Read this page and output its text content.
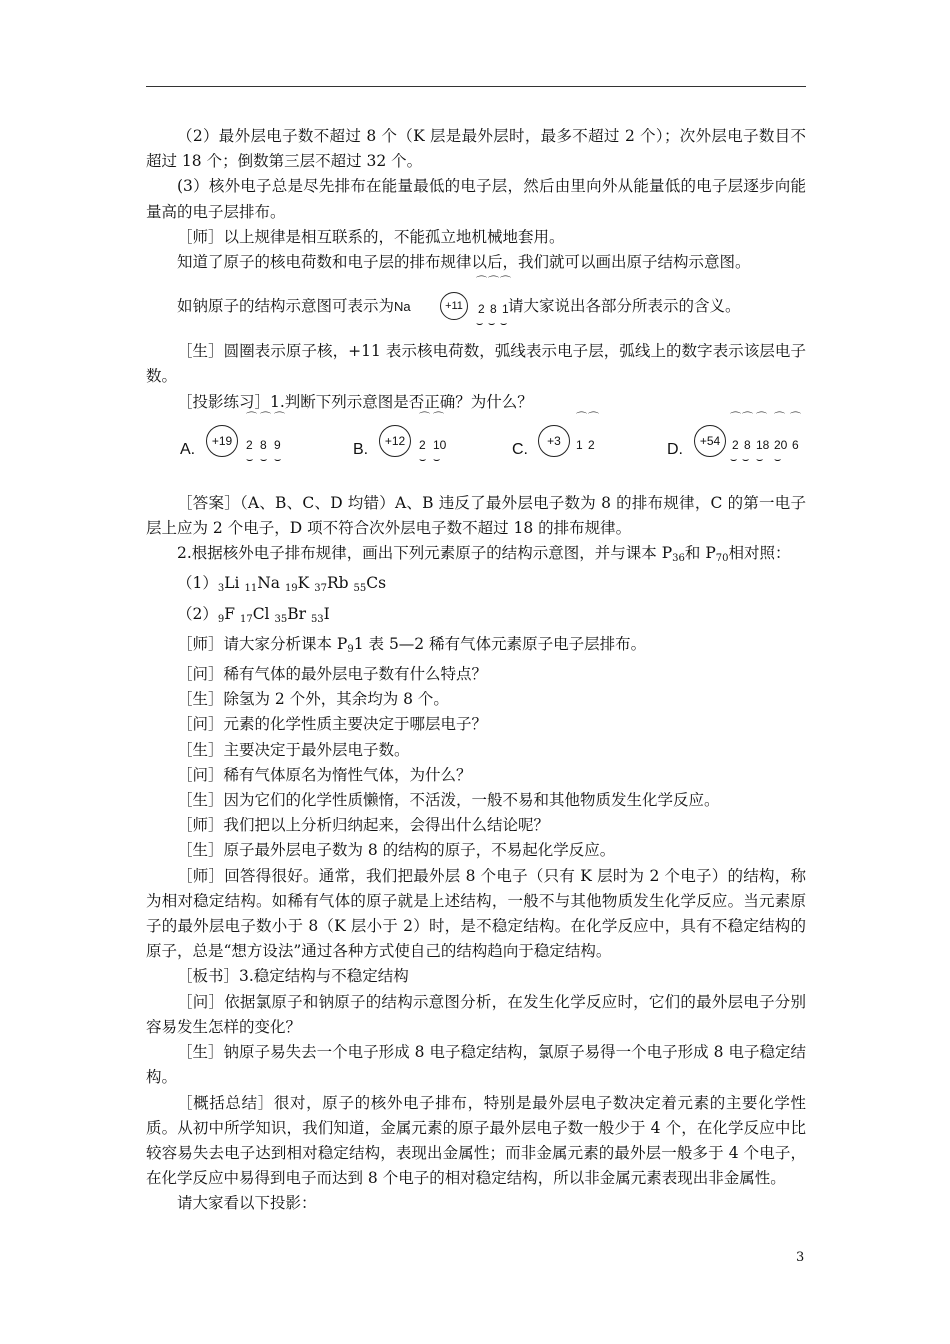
（2）最外层电子数不超过 8 个（K 层是最外层时，最多不超过 2 个）；次外层电子数目不超过 18 个；倒数第三层不超过 32 个。

(3）核外电子总是尽先排布在能量最低的电子层，然后由里向外从能量低的电子层逐步向能量高的电子层排布。

［师］以上规律是相互联系的，不能孤立地机械地套用。

知道了原子的核电荷数和电子层的排布规律以后，我们就可以画出原子结构示意图。

如钠原子的结构示意图可表示为Na	+11
⌒ ⌒ ⌒
2 8 1
⌣ ⌣ ⌣
请大家说出各部分所表示的含义。

［生］圆圈表示原子核，+11 表示核电荷数，弧线表示电子层，弧线上的数字表示该层电子数。

［投影练习］1.判断下列示意图是否正确？为什么？

A.	+19
⌒ ⌒ ⌒
2 8 9
⌣ ⌣ ⌣
B.	+12
⌒ ⌒
2 10
⌣ ⌣
C.	+3
⌒ ⌒
1 2	D.	+54
⌒ ⌒ ⌒ ⌒ ⌒
2 8 18 20 6
⌣ ⌣ ⌣ ⌣

［答案］（A、B、C、D 均错）A、B 违反了最外层电子数为 8 的排布规律，C 的第一电子层上应为 2 个电子，D 项不符合次外层电子数不超过 18 的排布规律。

2.根据核外电子排布规律，画出下列元素原子的结构示意图，并与课本 $P_{36}$和 $P_{70}$相对照：

（1）3Li 11Na 19K 37Rb 55Cs

（2）9F 17Cl 35Br 53I

［师］请大家分析课本 $P_91$ 表 5—2 稀有气体元素原子电子层排布。

［问］稀有气体的最外层电子数有什么特点？

［生］除氢为 2 个外，其余均为 8 个。

［问］元素的化学性质主要决定于哪层电子？

［生］主要决定于最外层电子数。

［问］稀有气体原名为惰性气体，为什么？

［生］因为它们的化学性质懒惰，不活泼，一般不易和其他物质发生化学反应。

［师］我们把以上分析归纳起来，会得出什么结论呢？

［生］原子最外层电子数为 8 的结构的原子，不易起化学反应。

［师］回答得很好。通常，我们把最外层 8 个电子（只有 K 层时为 2 个电子）的结构，称为相对稳定结构。如稀有气体的原子就是上述结构，一般不与其他物质发生化学反应。当元素原子的最外层电子数小于 8（K 层小于 2）时，是不稳定结构。在化学反应中，具有不稳定结构的原子，总是“想方设法”通过各种方式使自己的结构趋向于稳定结构。

［板书］3.稳定结构与不稳定结构

［问］依据氯原子和钠原子的结构示意图分析，在发生化学反应时，它们的最外层电子分别容易发生怎样的变化？

［生］钠原子易失去一个电子形成 8 电子稳定结构，氯原子易得一个电子形成 8 电子稳定结构。

［概括总结］很对，原子的核外电子排布，特别是最外层电子数决定着元素的主要化学性质。从初中所学知识，我们知道，金属元素的原子最外层电子数一般少于 4 个，在化学反应中比较容易失去电子达到相对稳定结构，表现出金属性；而非金属元素的最外层一般多于 4 个电子，在化学反应中易得到电子而达到 8 个电子的相对稳定结构，所以非金属元素表现出非金属性。

请大家看以下投影：

3
